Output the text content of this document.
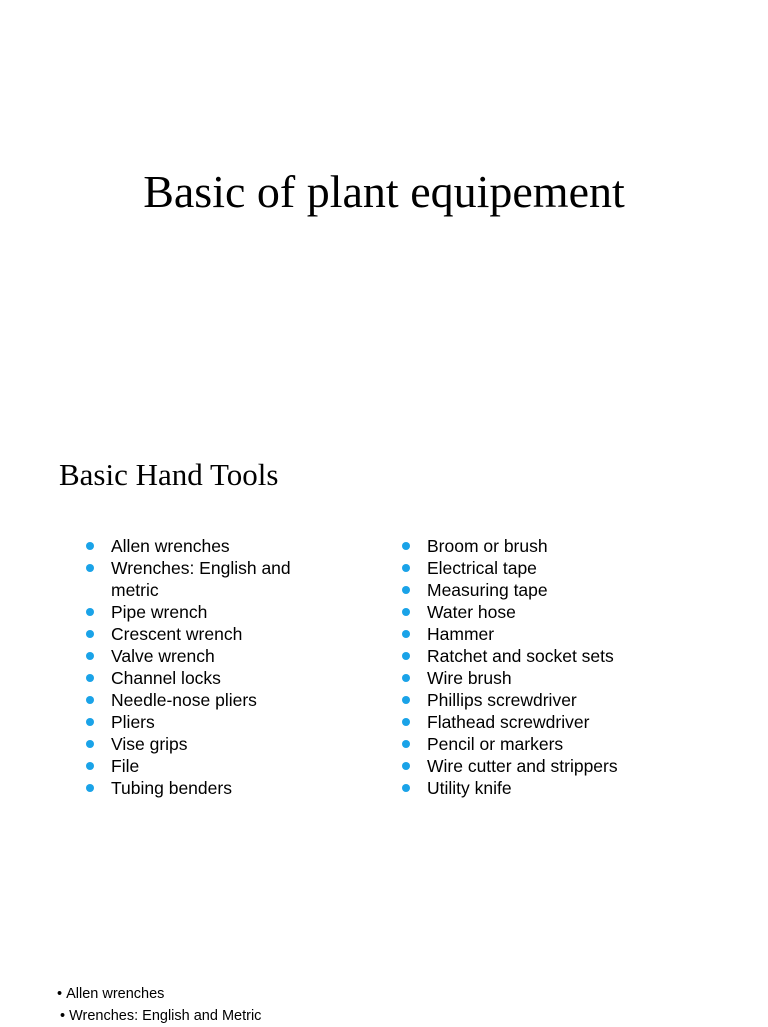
Basic of plant equipement
Basic Hand Tools
Allen wrenches
Wrenches: English and metric
Pipe wrench
Crescent wrench
Valve wrench
Channel locks
Needle-nose pliers
Pliers
Vise grips
File
Tubing benders
Broom or brush
Electrical tape
Measuring tape
Water hose
Hammer
Ratchet and socket sets
Wire brush
Phillips screwdriver
Flathead screwdriver
Pencil or markers
Wire cutter and strippers
Utility knife
• Allen wrenches
• Wrenches: English and Metric
